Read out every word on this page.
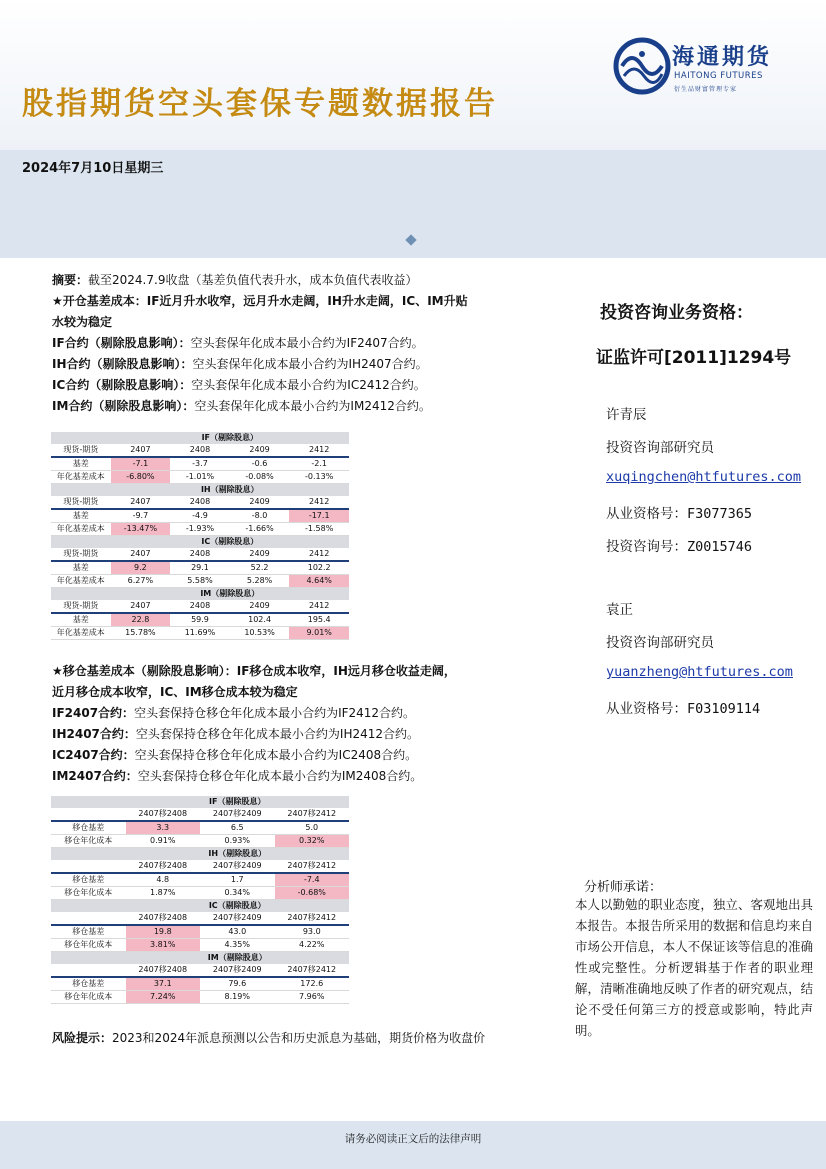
股指期货空头套保专题数据报告
2024年7月10日星期三
海通期货
HAITONG FUTURES
衍生品财富管理专家
摘要：截至2024.7.9收盘（基差负值代表升水，成本负值代表收益）
★开仓基差成本：IF近月升水收窄，远月升水走阔，IH升水走阔，IC、IM升贴
水较为稳定
IF合约（剔除股息影响）：空头套保年化成本最小合约为IF2407合约。
IH合约（剔除股息影响）：空头套保年化成本最小合约为IH2407合约。
IC合约（剔除股息影响）：空头套保年化成本最小合约为IC2412合约。
IM合约（剔除股息影响）：空头套保年化成本最小合约为IM2412合约。
	IF（剔除股息）			
现货-期货	2407	2408	2409	2412
基差	-7.1	-3.7	-0.6	-2.1
年化基差成本	-6.80%	-1.01%	-0.08%	-0.13%
	IH（剔除股息）			
现货-期货	2407	2408	2409	2412
基差	-9.7	-4.9	-8.0	-17.1
年化基差成本	-13.47%	-1.93%	-1.66%	-1.58%
	IC（剔除股息）			
现货-期货	2407	2408	2409	2412
基差	9.2	29.1	52.2	102.2
年化基差成本	6.27%	5.58%	5.28%	4.64%
	IM（剔除股息）			
现货-期货	2407	2408	2409	2412
基差	22.8	59.9	102.4	195.4
年化基差成本	15.78%	11.69%	10.53%	9.01%
★移仓基差成本（剔除股息影响）：IF移仓成本收窄，IH远月移仓收益走阔，
近月移仓成本收窄，IC、IM移仓成本较为稳定
IF2407合约：空头套保持仓移仓年化成本最小合约为IF2412合约。
IH2407合约：空头套保持仓移仓年化成本最小合约为IH2412合约。
IC2407合约：空头套保持仓移仓年化成本最小合约为IC2408合约。
IM2407合约：空头套保持仓移仓年化成本最小合约为IM2408合约。
	IF（剔除股息）		
	2407移2408	2407移2409	2407移2412
移仓基差	3.3	6.5	5.0
移仓年化成本	0.91%	0.93%	0.32%
	IH（剔除股息）		
	2407移2408	2407移2409	2407移2412
移仓基差	4.8	1.7	-7.4
移仓年化成本	1.87%	0.34%	-0.68%
	IC（剔除股息）		
	2407移2408	2407移2409	2407移2412
移仓基差	19.8	43.0	93.0
移仓年化成本	3.81%	4.35%	4.22%
	IM（剔除股息）		
	2407移2408	2407移2409	2407移2412
移仓基差	37.1	79.6	172.6
移仓年化成本	7.24%	8.19%	7.96%
风险提示：2023和2024年派息预测以公告和历史派息为基础，期货价格为收盘价
投资咨询业务资格：
证监许可[2011]1294号
许青辰
投资咨询部研究员
xuqingchen@htfutures.com
从业资格号：F3077365
投资咨询号：Z0015746
袁正
投资咨询部研究员
yuanzheng@htfutures.com
从业资格号：F03109114
分析师承诺：
本人以勤勉的职业态度，独立、客观地出具本报告。本报告所采用的数据和信息均来自市场公开信息，本人不保证该等信息的准确性或完整性。分析逻辑基于作者的职业理解，清晰准确地反映了作者的研究观点，结论不受任何第三方的授意或影响，特此声明。
请务必阅读正文后的法律声明
